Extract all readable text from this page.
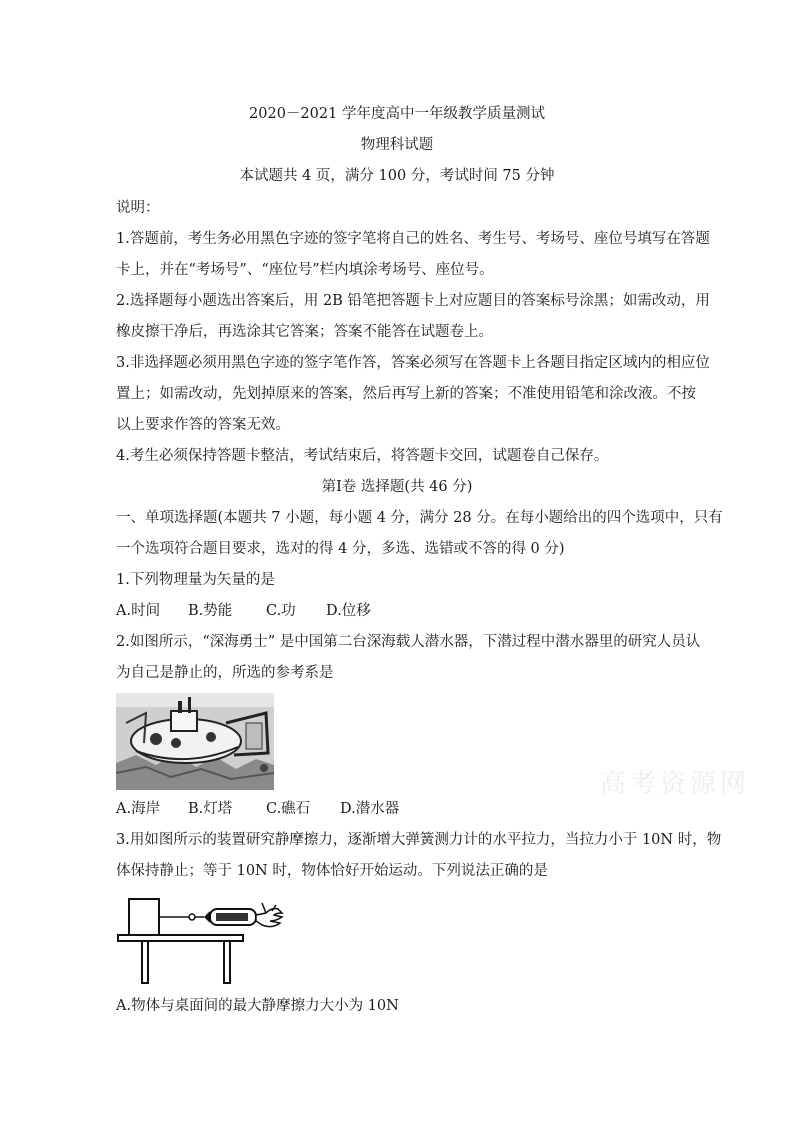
2020－2021 学年度高中一年级教学质量测试
物理科试题
本试题共 4 页，满分 100 分，考试时间 75 分钟
说明：
1.答题前，考生务必用黑色字迹的签字笔将自己的姓名、考生号、考场号、座位号填写在答题
卡上，并在“考场号”、“座位号”栏内填涂考场号、座位号。
2.选择题每小题选出答案后，用 2B 铅笔把答题卡上对应题目的答案标号涂黑；如需改动，用
橡皮擦干净后，再选涂其它答案；答案不能答在试题卷上。
3.非选择题必须用黑色字迹的签字笔作答，答案必须写在答题卡上各题目指定区域内的相应位
置上；如需改动，先划掉原来的答案，然后再写上新的答案；不准使用铅笔和涂改液。不按
以上要求作答的答案无效。
4.考生必须保持答题卡整洁，考试结束后，将答题卡交回，试题卷自己保存。
第Ⅰ卷 选择题(共 46 分)
一、单项选择题(本题共 7 小题，每小题 4 分，满分 28 分。在每小题给出的四个选项中，只有
一个选项符合题目要求，选对的得 4 分，多选、选错或不答的得 0 分)
1.下列物理量为矢量的是
A.时间 B.势能 C.功 D.位移
2.如图所示，“深海勇士” 是中国第二台深海载人潜水器，下潜过程中潜水器里的研究人员认
为自己是静止的，所选的参考系是
A.海岸 B.灯塔 C.礁石 D.潜水器
3.用如图所示的装置研究静摩擦力，逐渐增大弹簧测力计的水平拉力，当拉力小于 10N 时，物
体保持静止；等于 10N 时，物体恰好开始运动。下列说法正确的是
A.物体与桌面间的最大静摩擦力大小为 10N
高考资源网
